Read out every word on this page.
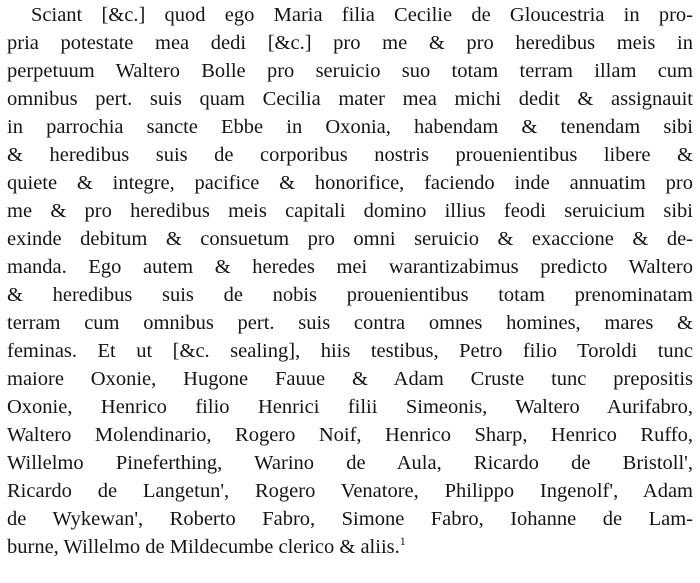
Sciant [&c.] quod ego Maria filia Cecilie de Gloucestria in pro-
pria potestate mea dedi [&c.] pro me & pro heredibus meis in
perpetuum Waltero Bolle pro seruicio suo totam terram illam cum
omnibus pert. suis quam Cecilia mater mea michi dedit & assignauit
in parrochia sancte Ebbe in Oxonia, habendam & tenendam sibi
& heredibus suis de corporibus nostris prouenientibus libere &
quiete & integre, pacifice & honorifice, faciendo inde annuatim pro
me & pro heredibus meis capitali domino illius feodi seruicium sibi
exinde debitum & consuetum pro omni seruicio & exaccione & de-
manda. Ego autem & heredes mei warantizabimus predicto Waltero
& heredibus suis de nobis prouenientibus totam prenominatam
terram cum omnibus pert. suis contra omnes homines, mares &
feminas. Et ut [&c. sealing], hiis testibus, Petro filio Toroldi tunc
maiore Oxonie, Hugone Fauue & Adam Cruste tunc prepositis
Oxonie, Henrico filio Henrici filii Simeonis, Waltero Aurifabro,
Waltero Molendinario, Rogero Noif, Henrico Sharp, Henrico Ruffo,
Willelmo Pineferthing, Warino de Aula, Ricardo de Bristoll',
Ricardo de Langetun', Rogero Venatore, Philippo Ingenolf', Adam
de Wykewan', Roberto Fabro, Simone Fabro, Iohanne de Lam-
burne, Willelmo de Mildecumbe clerico & aliis.$^1$
